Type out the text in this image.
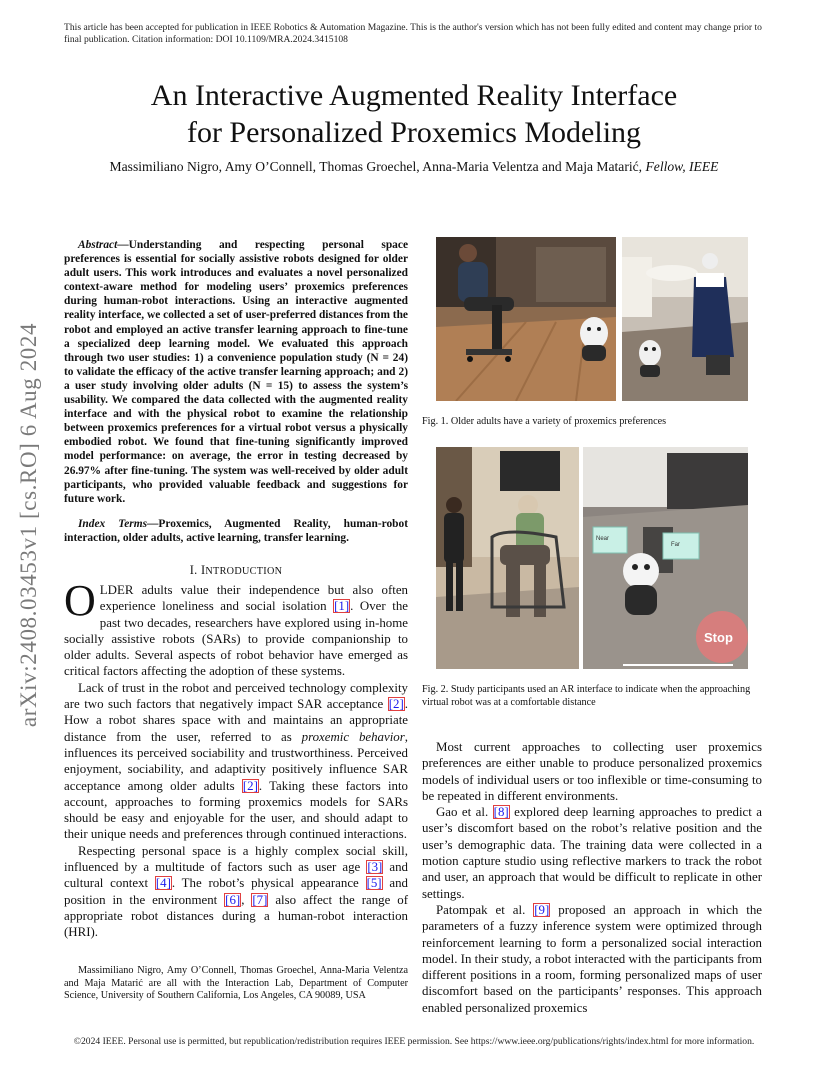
This article has been accepted for publication in IEEE Robotics & Automation Magazine. This is the author's version which has not been fully edited and content may change prior to final publication. Citation information: DOI 10.1109/MRA.2024.3415108
An Interactive Augmented Reality Interface
for Personalized Proxemics Modeling
Massimiliano Nigro, Amy O’Connell, Thomas Groechel, Anna-Maria Velentza and Maja Matarić, Fellow, IEEE
arXiv:2408.03453v1 [cs.RO] 6 Aug 2024
Abstract—Understanding and respecting personal space preferences is essential for socially assistive robots designed for older adult users. This work introduces and evaluates a novel personalized context-aware method for modeling users’ proxemics preferences during human-robot interactions. Using an interactive augmented reality interface, we collected a set of user-preferred distances from the robot and employed an active transfer learning approach to fine-tune a specialized deep learning model. We evaluated this approach through two user studies: 1) a convenience population study (N = 24) to validate the efficacy of the active transfer learning approach; and 2) a user study involving older adults (N = 15) to assess the system’s usability. We compared the data collected with the augmented reality interface and with the physical robot to examine the relationship between proxemics preferences for a virtual robot versus a physically embodied robot. We found that fine-tuning significantly improved model performance: on average, the error in testing decreased by 26.97% after fine-tuning. The system was well-received by older adult participants, who provided valuable feedback and suggestions for future work.
Index Terms—Proxemics, Augmented Reality, human-robot interaction, older adults, active learning, transfer learning.
I. INTRODUCTION

OLDER adults value their independence but also often experience loneliness and social isolation [1]. Over the past two decades, researchers have explored using in-home socially assistive robots (SARs) to provide companionship to older adults. Several aspects of robot behavior have emerged as critical factors affecting the adoption of these systems.

Lack of trust in the robot and perceived technology complexity are two such factors that negatively impact SAR acceptance [2]. How a robot shares space with and maintains an appropriate distance from the user, referred to as proxemic behavior, influences its perceived sociability and trustworthiness. Perceived enjoyment, sociability, and adaptivity positively influence SAR acceptance among older adults [2]. Taking these factors into account, approaches to forming proxemics models for SARs should be easy and enjoyable for the user, and should adapt to their unique needs and preferences through continued interactions.

Respecting personal space is a highly complex social skill, influenced by a multitude of factors such as user age [3] and cultural context [4]. The robot’s physical appearance [5] and position in the environment [6], [7] also affect the range of appropriate robot distances during a human-robot interaction (HRI).

Massimiliano Nigro, Amy O’Connell, Thomas Groechel, Anna-Maria Velentza and Maja Matarić are all with the Interaction Lab, Department of Computer Science, University of Southern California, Los Angeles, CA 90089, USA
Fig. 1. Older adults have a variety of proxemics preferences
Near
Far
Stop
Fig. 2. Study participants used an AR interface to indicate when the approaching virtual robot was at a comfortable distance

Most current approaches to collecting user proxemics preferences are either unable to produce personalized proxemics models of individual users or too inflexible or time-consuming to be repeated in different environments.

Gao et al. [8] explored deep learning approaches to predict a user’s discomfort based on the robot’s relative position and the user’s demographic data. The training data were collected in a motion capture studio using reflective markers to track the robot and user, an approach that would be difficult to replicate in other settings.

Patompak et al. [9] proposed an approach in which the parameters of a fuzzy inference system were optimized through reinforcement learning to form a personalized social interaction model. In their study, a robot interacted with the participants from different positions in a room, forming personalized maps of user discomfort based on the participants’ responses. This approach enabled personalized proxemics

©2024 IEEE. Personal use is permitted, but republication/redistribution requires IEEE permission. See https://www.ieee.org/publications/rights/index.html for more information.
